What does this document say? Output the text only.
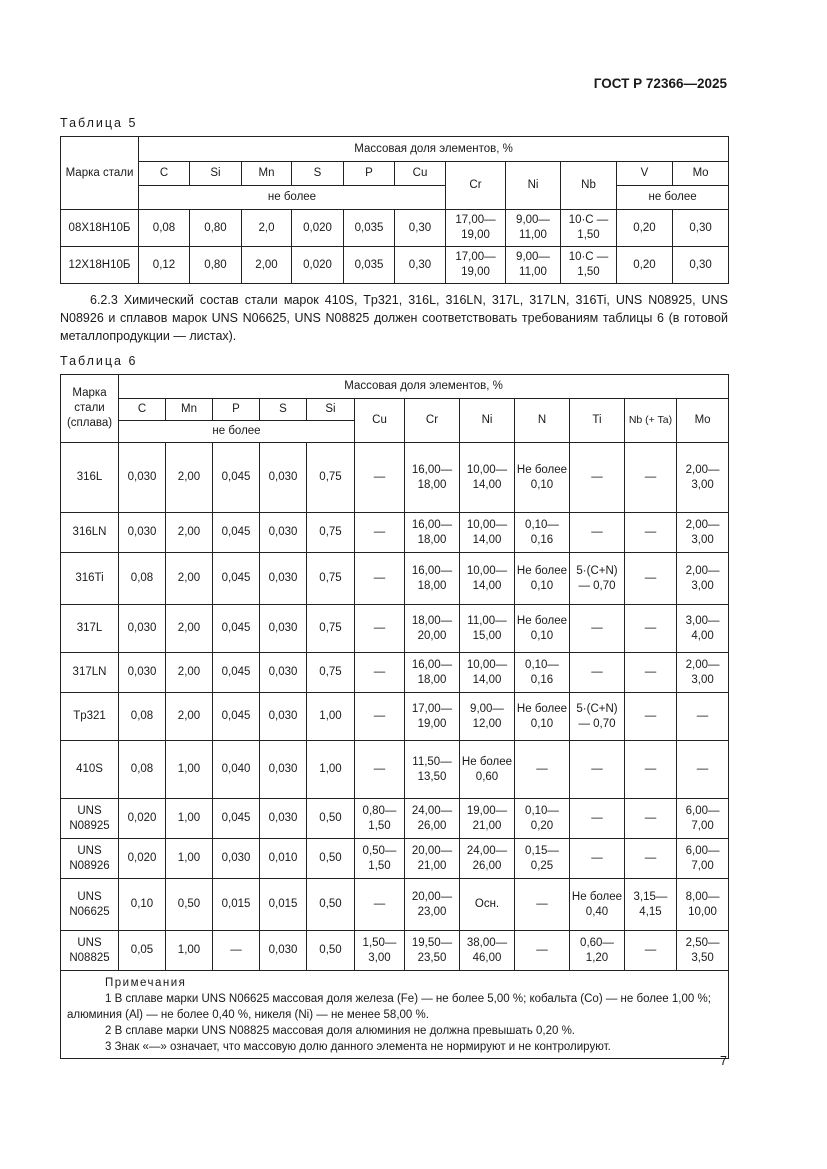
ГОСТ Р 72366—2025
Таблица 5
Марка стали	Массовая доля элементов, %										
	C	Si	Mn	S	P	Cu	Cr	Ni	Nb	V	Mo
	не более									не более	
08Х18Н10Б	0,08	0,80	2,0	0,020	0,035	0,30	17,00— 19,00	9,00— 11,00	10·C — 1,50	0,20	0,30
12Х18Н10Б	0,12	0,80	2,00	0,020	0,035	0,30	17,00— 19,00	9,00— 11,00	10·C — 1,50	0,20	0,30

6.2.3 Химический состав стали марок 410S, Tp321, 316L, 316LN, 317L, 317LN, 316Ti, UNS N08925, UNS N08926 и сплавов марок UNS N06625, UNS N08825 должен соответствовать требованиям таблицы 6 (в готовой металлопродукции — листах).

Таблица 6
Марка стали (сплава)	Массовая доля элементов, %											
	C	Mn	P	S	Si	Cu	Cr	Ni	N	Ti	Nb (+ Ta)	Mo
	не более											
316L	0,030	2,00	0,045	0,030	0,75	—	16,00— 18,00	10,00— 14,00	Не более 0,10	—	—	2,00— 3,00
316LN	0,030	2,00	0,045	0,030	0,75	—	16,00— 18,00	10,00— 14,00	0,10— 0,16	—	—	2,00— 3,00
316Ti	0,08	2,00	0,045	0,030	0,75	—	16,00— 18,00	10,00— 14,00	Не более 0,10	5·(C+N) — 0,70	—	2,00— 3,00
317L	0,030	2,00	0,045	0,030	0,75	—	18,00— 20,00	11,00— 15,00	Не более 0,10	—	—	3,00— 4,00
317LN	0,030	2,00	0,045	0,030	0,75	—	16,00— 18,00	10,00— 14,00	0,10— 0,16	—	—	2,00— 3,00
Tp321	0,08	2,00	0,045	0,030	1,00	—	17,00— 19,00	9,00— 12,00	Не более 0,10	5·(C+N) — 0,70	—	—
410S	0,08	1,00	0,040	0,030	1,00	—	11,50— 13,50	Не более 0,60	—	—	—	—
UNS N08925	0,020	1,00	0,045	0,030	0,50	0,80— 1,50	24,00— 26,00	19,00— 21,00	0,10— 0,20	—	—	6,00— 7,00
UNS N08926	0,020	1,00	0,030	0,010	0,50	0,50— 1,50	20,00— 21,00	24,00— 26,00	0,15— 0,25	—	—	6,00— 7,00
UNS N06625	0,10	0,50	0,015	0,015	0,50	—	20,00— 23,00	Осн.	—	Не более 0,40	3,15— 4,15	8,00— 10,00
UNS N08825	0,05	1,00	—	0,030	0,50	1,50— 3,00	19,50— 23,50	38,00— 46,00	—	0,60— 1,20	—	2,50— 3,50

Примечания
1 В сплаве марки UNS N06625 массовая доля железа (Fe) — не более 5,00 %; кобальта (Co) — не более 1,00 %; алюминия (Al) — не более 0,40 %, никеля (Ni) — не менее 58,00 %.
2 В сплаве марки UNS N08825 массовая доля алюминия не должна превышать 0,20 %.
3 Знак «—» означает, что массовую долю данного элемента не нормируют и не контролируют.												
7
